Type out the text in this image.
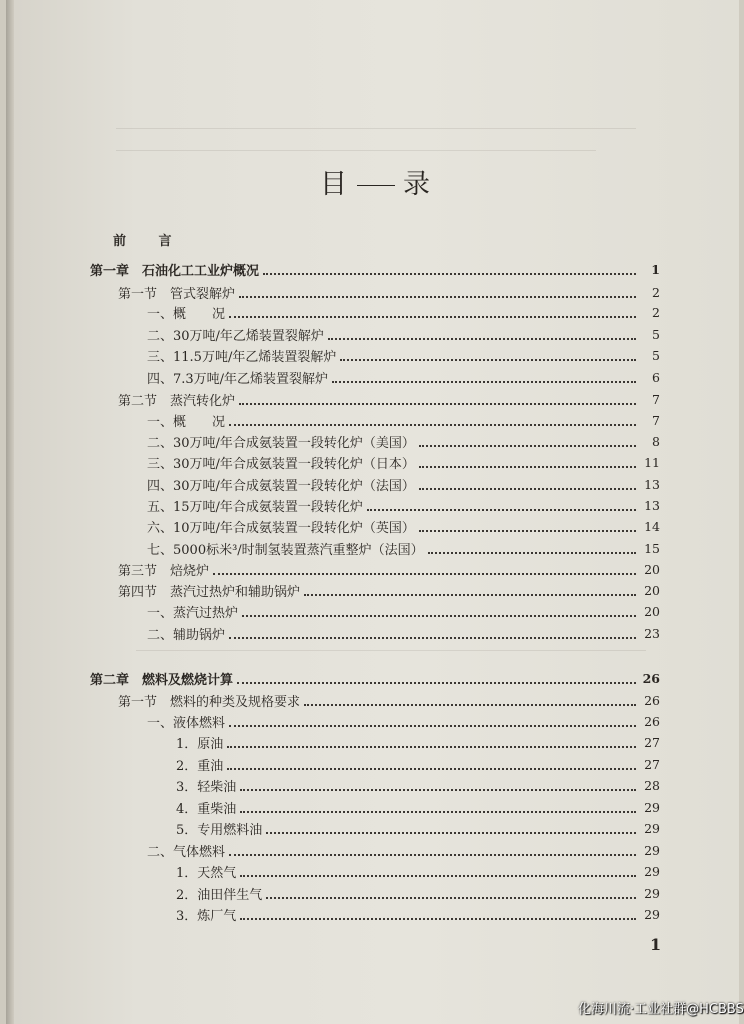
目 录
前 言
第一章　石油化工工业炉概况	1
第一节　管式裂解炉	2
一、概　　况	2
二、30万吨/年乙烯装置裂解炉	5
三、11.5万吨/年乙烯装置裂解炉	5
四、7.3万吨/年乙烯装置裂解炉	6
第二节　蒸汽转化炉	7
一、概　　况	7
二、30万吨/年合成氨装置一段转化炉（美国）	8
三、30万吨/年合成氨装置一段转化炉（日本）	11
四、30万吨/年合成氨装置一段转化炉（法国）	13
五、15万吨/年合成氨装置一段转化炉	13
六、10万吨/年合成氨装置一段转化炉（英国）	14
七、5000标米³/时制氢装置蒸汽重整炉（法国）	15
第三节　焙烧炉	20
第四节　蒸汽过热炉和辅助锅炉	20
一、蒸汽过热炉	20
二、辅助锅炉	23
第二章　燃料及燃烧计算	26
第一节　燃料的种类及规格要求	26
一、液体燃料	26
1．原油	27
2．重油	27
3．轻柴油	28
4．重柴油	29
5．专用燃料油	29
二、气体燃料	29
1．天然气	29
2．油田伴生气	29
3．炼厂气	29
1
化海川流·工业社群@HCBBS
